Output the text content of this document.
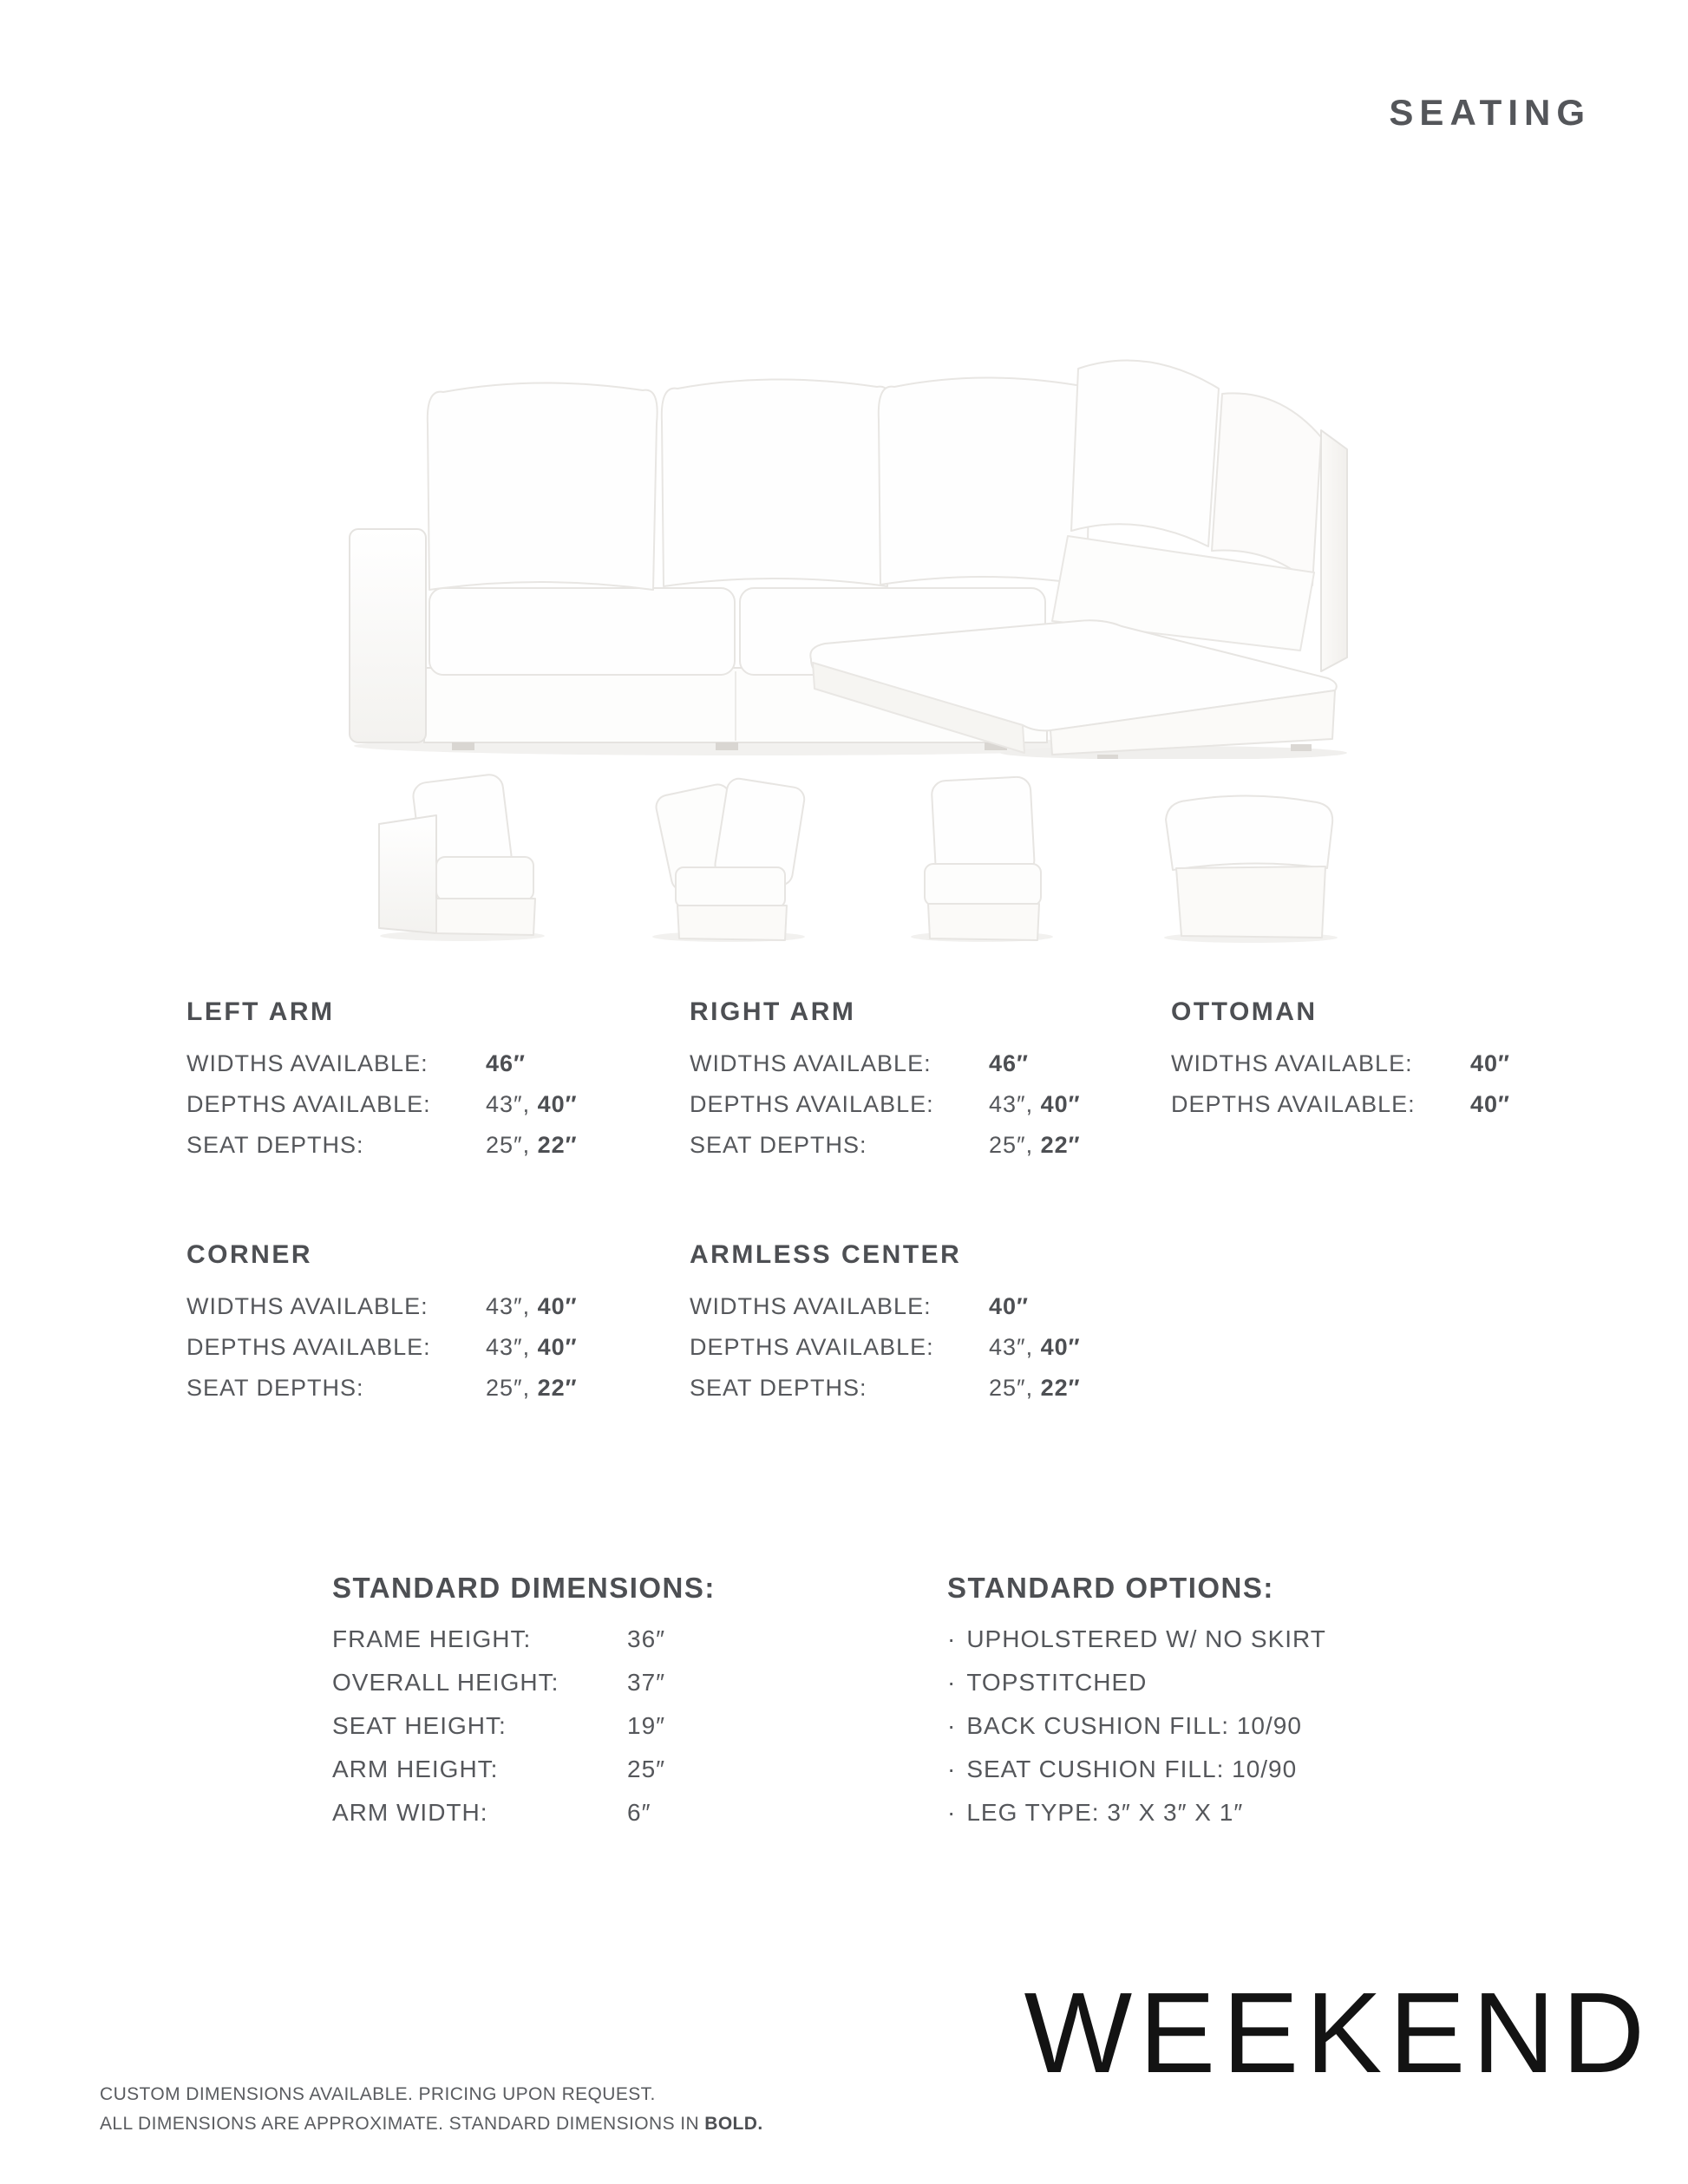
SEATING
LEFT ARM
WIDTHS AVAILABLE:	46″
DEPTHS AVAILABLE:	43″, 40″
SEAT DEPTHS:	25″, 22″
RIGHT ARM
WIDTHS AVAILABLE:	46″
DEPTHS AVAILABLE:	43″, 40″
SEAT DEPTHS:	25″, 22″
OTTOMAN
WIDTHS AVAILABLE:	40″
DEPTHS AVAILABLE:	40″
CORNER
WIDTHS AVAILABLE:	43″, 40″
DEPTHS AVAILABLE:	43″, 40″
SEAT DEPTHS:	25″, 22″
ARMLESS CENTER
WIDTHS AVAILABLE:	40″
DEPTHS AVAILABLE:	43″, 40″
SEAT DEPTHS:	25″, 22″
STANDARD DIMENSIONS:
FRAME HEIGHT:	36″
OVERALL HEIGHT:	37″
SEAT HEIGHT:	19″
ARM HEIGHT:	25″
ARM WIDTH:	6″
STANDARD OPTIONS:
· UPHOLSTERED W/ NO SKIRT
· TOPSTITCHED
· BACK CUSHION FILL: 10/90
· SEAT CUSHION FILL: 10/90
· LEG TYPE: 3″ X 3″ X 1″
WEEKEND
CUSTOM DIMENSIONS AVAILABLE. PRICING UPON REQUEST.
ALL DIMENSIONS ARE APPROXIMATE. STANDARD DIMENSIONS IN BOLD.
